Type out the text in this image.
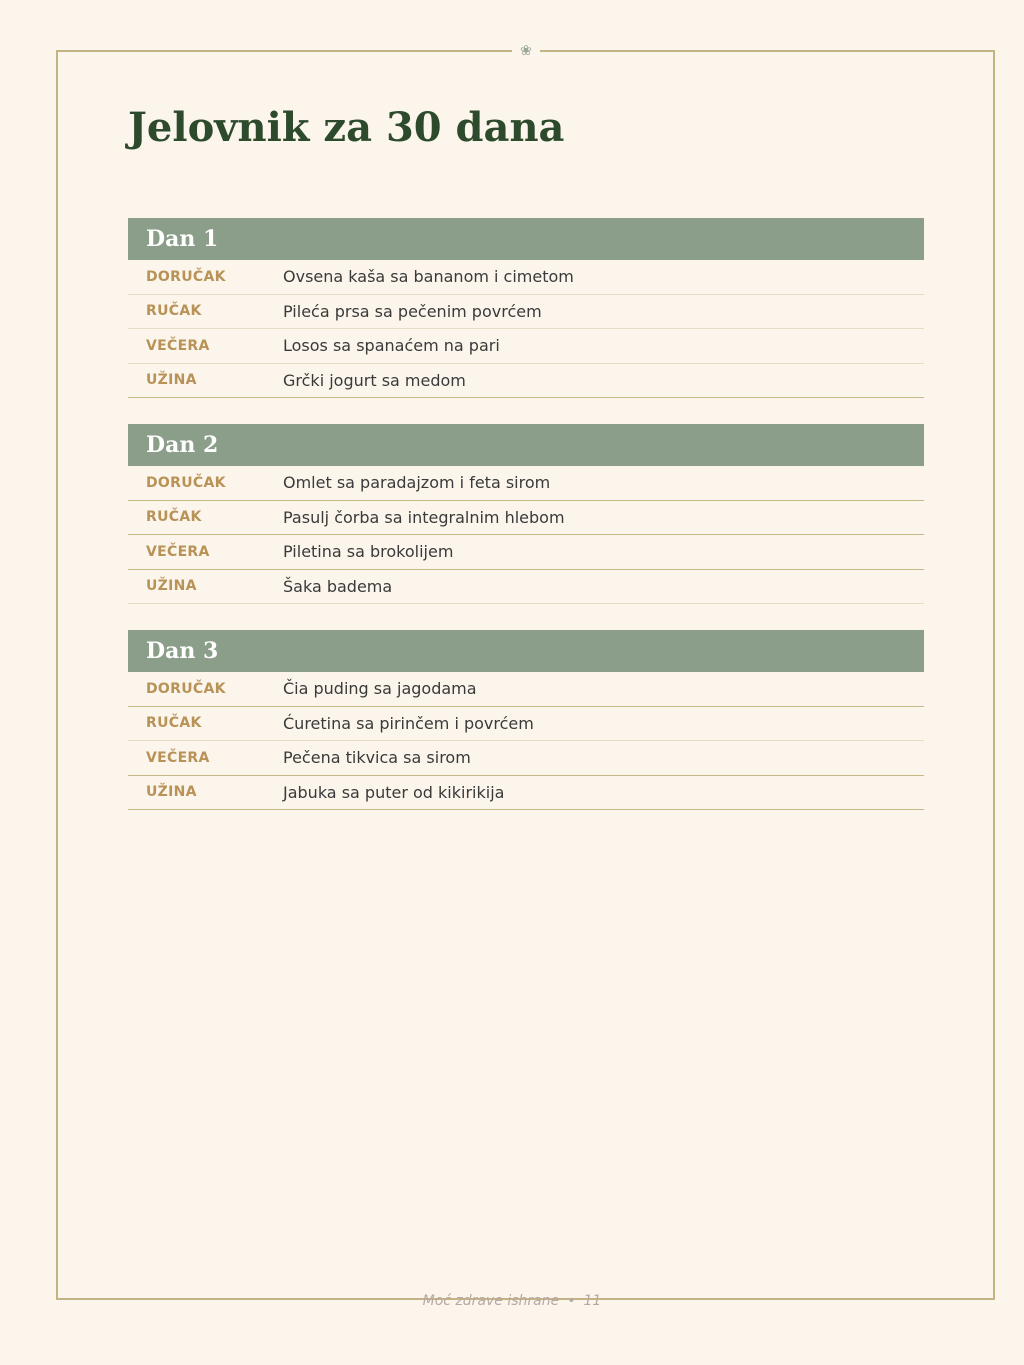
❀
Jelovnik za 30 dana
Dan 1
DORUČAK	Ovsena kaša sa bananom i cimetom
RUČAK	Pileća prsa sa pečenim povrćem
VEČERA	Losos sa spanaćem na pari
UŽINA	Grčki jogurt sa medom
Dan 2
DORUČAK	Omlet sa paradajzom i feta sirom
RUČAK	Pasulj čorba sa integralnim hlebom
VEČERA	Piletina sa brokolijem
UŽINA	Šaka badema
Dan 3
DORUČAK	Čia puding sa jagodama
RUČAK	Ćuretina sa pirinčem i povrćem
VEČERA	Pečena tikvica sa sirom
UŽINA	Jabuka sa puter od kikirikija
Moć zdrave ishrane • 11
